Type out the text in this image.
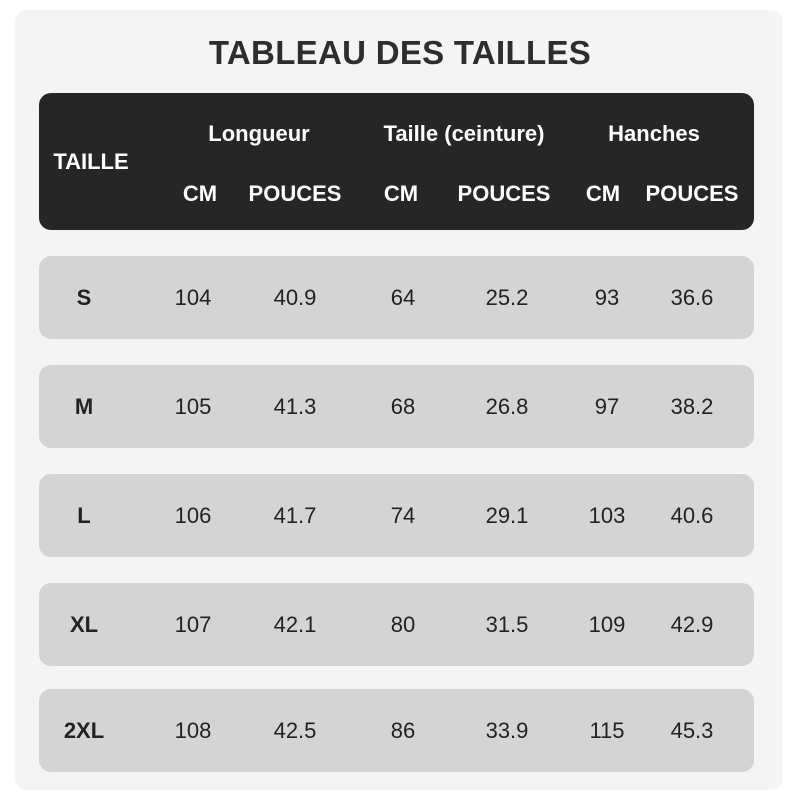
TABLEAU DES TAILLES
TAILLE
Longueur	Taille (ceinture)	Hanches
CM	POUCES	CM	POUCES	CM	POUCES
S	104	40.9	64	25.2	93	36.6
M	105	41.3	68	26.8	97	38.2
L	106	41.7	74	29.1	103	40.6
XL	107	42.1	80	31.5	109	42.9
2XL	108	42.5	86	33.9	115	45.3
